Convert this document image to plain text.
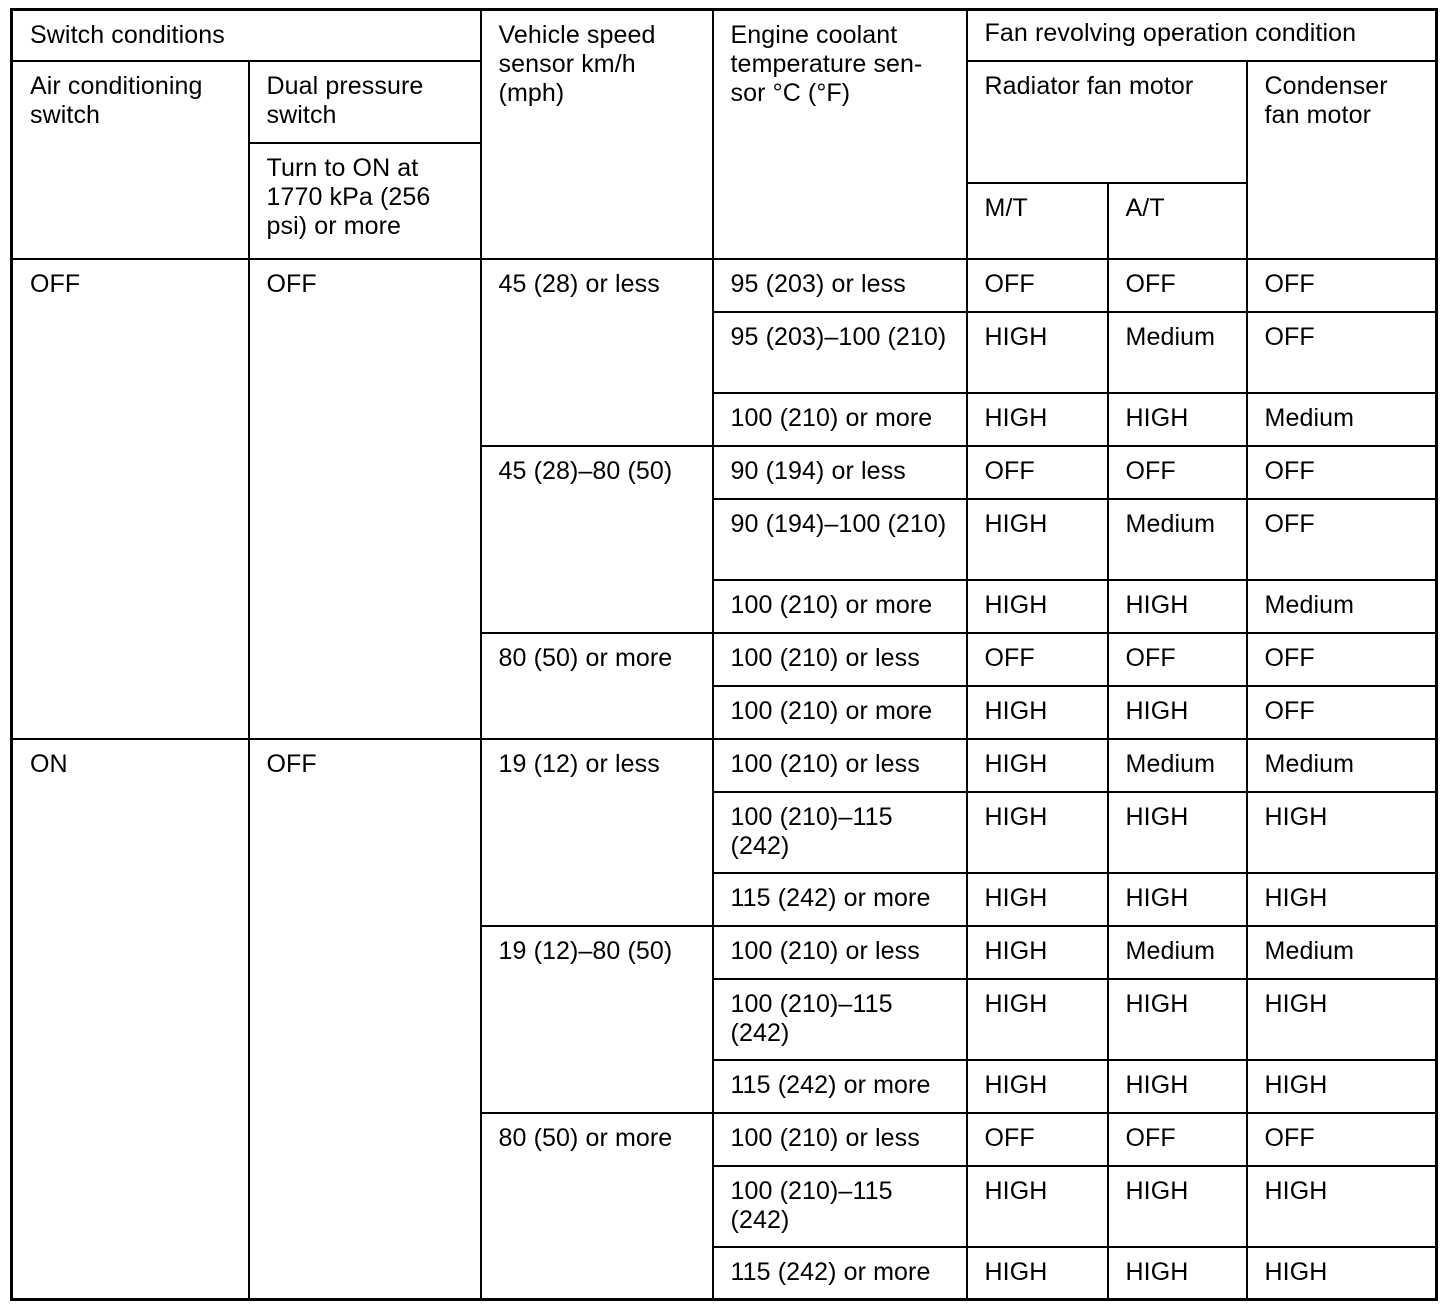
Switch conditions		Vehicle speed sensor km/h (mph)	Engine coolant temperature sen-sor °C (°F)	Fan revolving operation condition		
Air conditioning switch	Dual pressure switch			Radiator fan motor		Condenser fan motor
	Turn to ON at 1770 kPa (256 psi) or more					
				M/T	A/T	
OFF	OFF	45 (28) or less	95 (203) or less	OFF	OFF	OFF
			95 (203)–100 (210)	HIGH	Medium	OFF
			100 (210) or more	HIGH	HIGH	Medium
		45 (28)–80 (50)	90 (194) or less	OFF	OFF	OFF
			90 (194)–100 (210)	HIGH	Medium	OFF
			100 (210) or more	HIGH	HIGH	Medium
		80 (50) or more	100 (210) or less	OFF	OFF	OFF
			100 (210) or more	HIGH	HIGH	OFF
ON	OFF	19 (12) or less	100 (210) or less	HIGH	Medium	Medium
			100 (210)–115 (242)	HIGH	HIGH	HIGH
			115 (242) or more	HIGH	HIGH	HIGH
		19 (12)–80 (50)	100 (210) or less	HIGH	Medium	Medium
			100 (210)–115 (242)	HIGH	HIGH	HIGH
			115 (242) or more	HIGH	HIGH	HIGH
		80 (50) or more	100 (210) or less	OFF	OFF	OFF
			100 (210)–115 (242)	HIGH	HIGH	HIGH
			115 (242) or more	HIGH	HIGH	HIGH
